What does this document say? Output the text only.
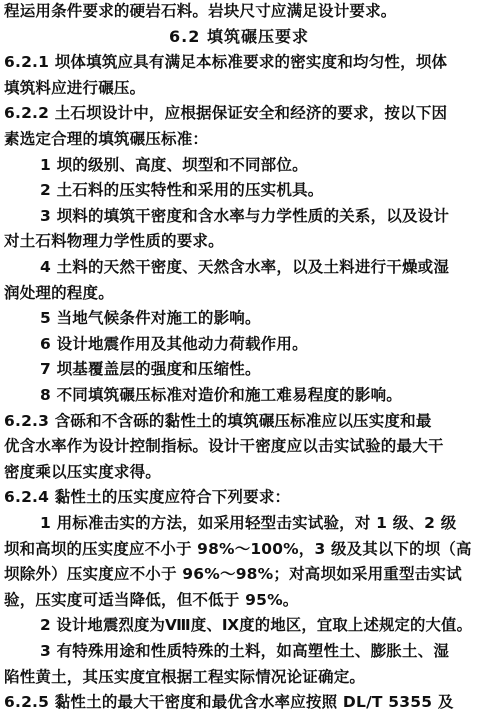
程运用条件要求的硬岩石料。岩块尺寸应满足设计要求。
6.2 填筑碾压要求
6.2.1 坝体填筑应具有满足本标准要求的密实度和均匀性，坝体
填筑料应进行碾压。
6.2.2 土石坝设计中，应根据保证安全和经济的要求，按以下因
素选定合理的填筑碾压标准：
1 坝的级别、高度、坝型和不同部位。
2 土石料的压实特性和采用的压实机具。
3 坝料的填筑干密度和含水率与力学性质的关系，以及设计
对土石料物理力学性质的要求。
4 土料的天然干密度、天然含水率，以及土料进行干燥或湿
润处理的程度。
5 当地气候条件对施工的影响。
6 设计地震作用及其他动力荷载作用。
7 坝基覆盖层的强度和压缩性。
8 不同填筑碾压标准对造价和施工难易程度的影响。
6.2.3 含砾和不含砾的黏性土的填筑碾压标准应以压实度和最
优含水率作为设计控制指标。设计干密度应以击实试验的最大干
密度乘以压实度求得。
6.2.4 黏性土的压实度应符合下列要求：
1 用标准击实的方法，如采用轻型击实试验，对 1 级、2 级
坝和高坝的压实度应不小于 98%～100%，3 级及其以下的坝（高
坝除外）压实度应不小于 96%～98%；对高坝如采用重型击实试
验，压实度可适当降低，但不低于 95%。
2 设计地震烈度为Ⅷ度、Ⅸ度的地区，宜取上述规定的大值。
3 有特殊用途和性质特殊的土料，如高塑性土、膨胀土、湿
陷性黄土，其压实度宜根据工程实际情况论证确定。
6.2.5 黏性土的最大干密度和最优含水率应按照 DL/T 5355 及
